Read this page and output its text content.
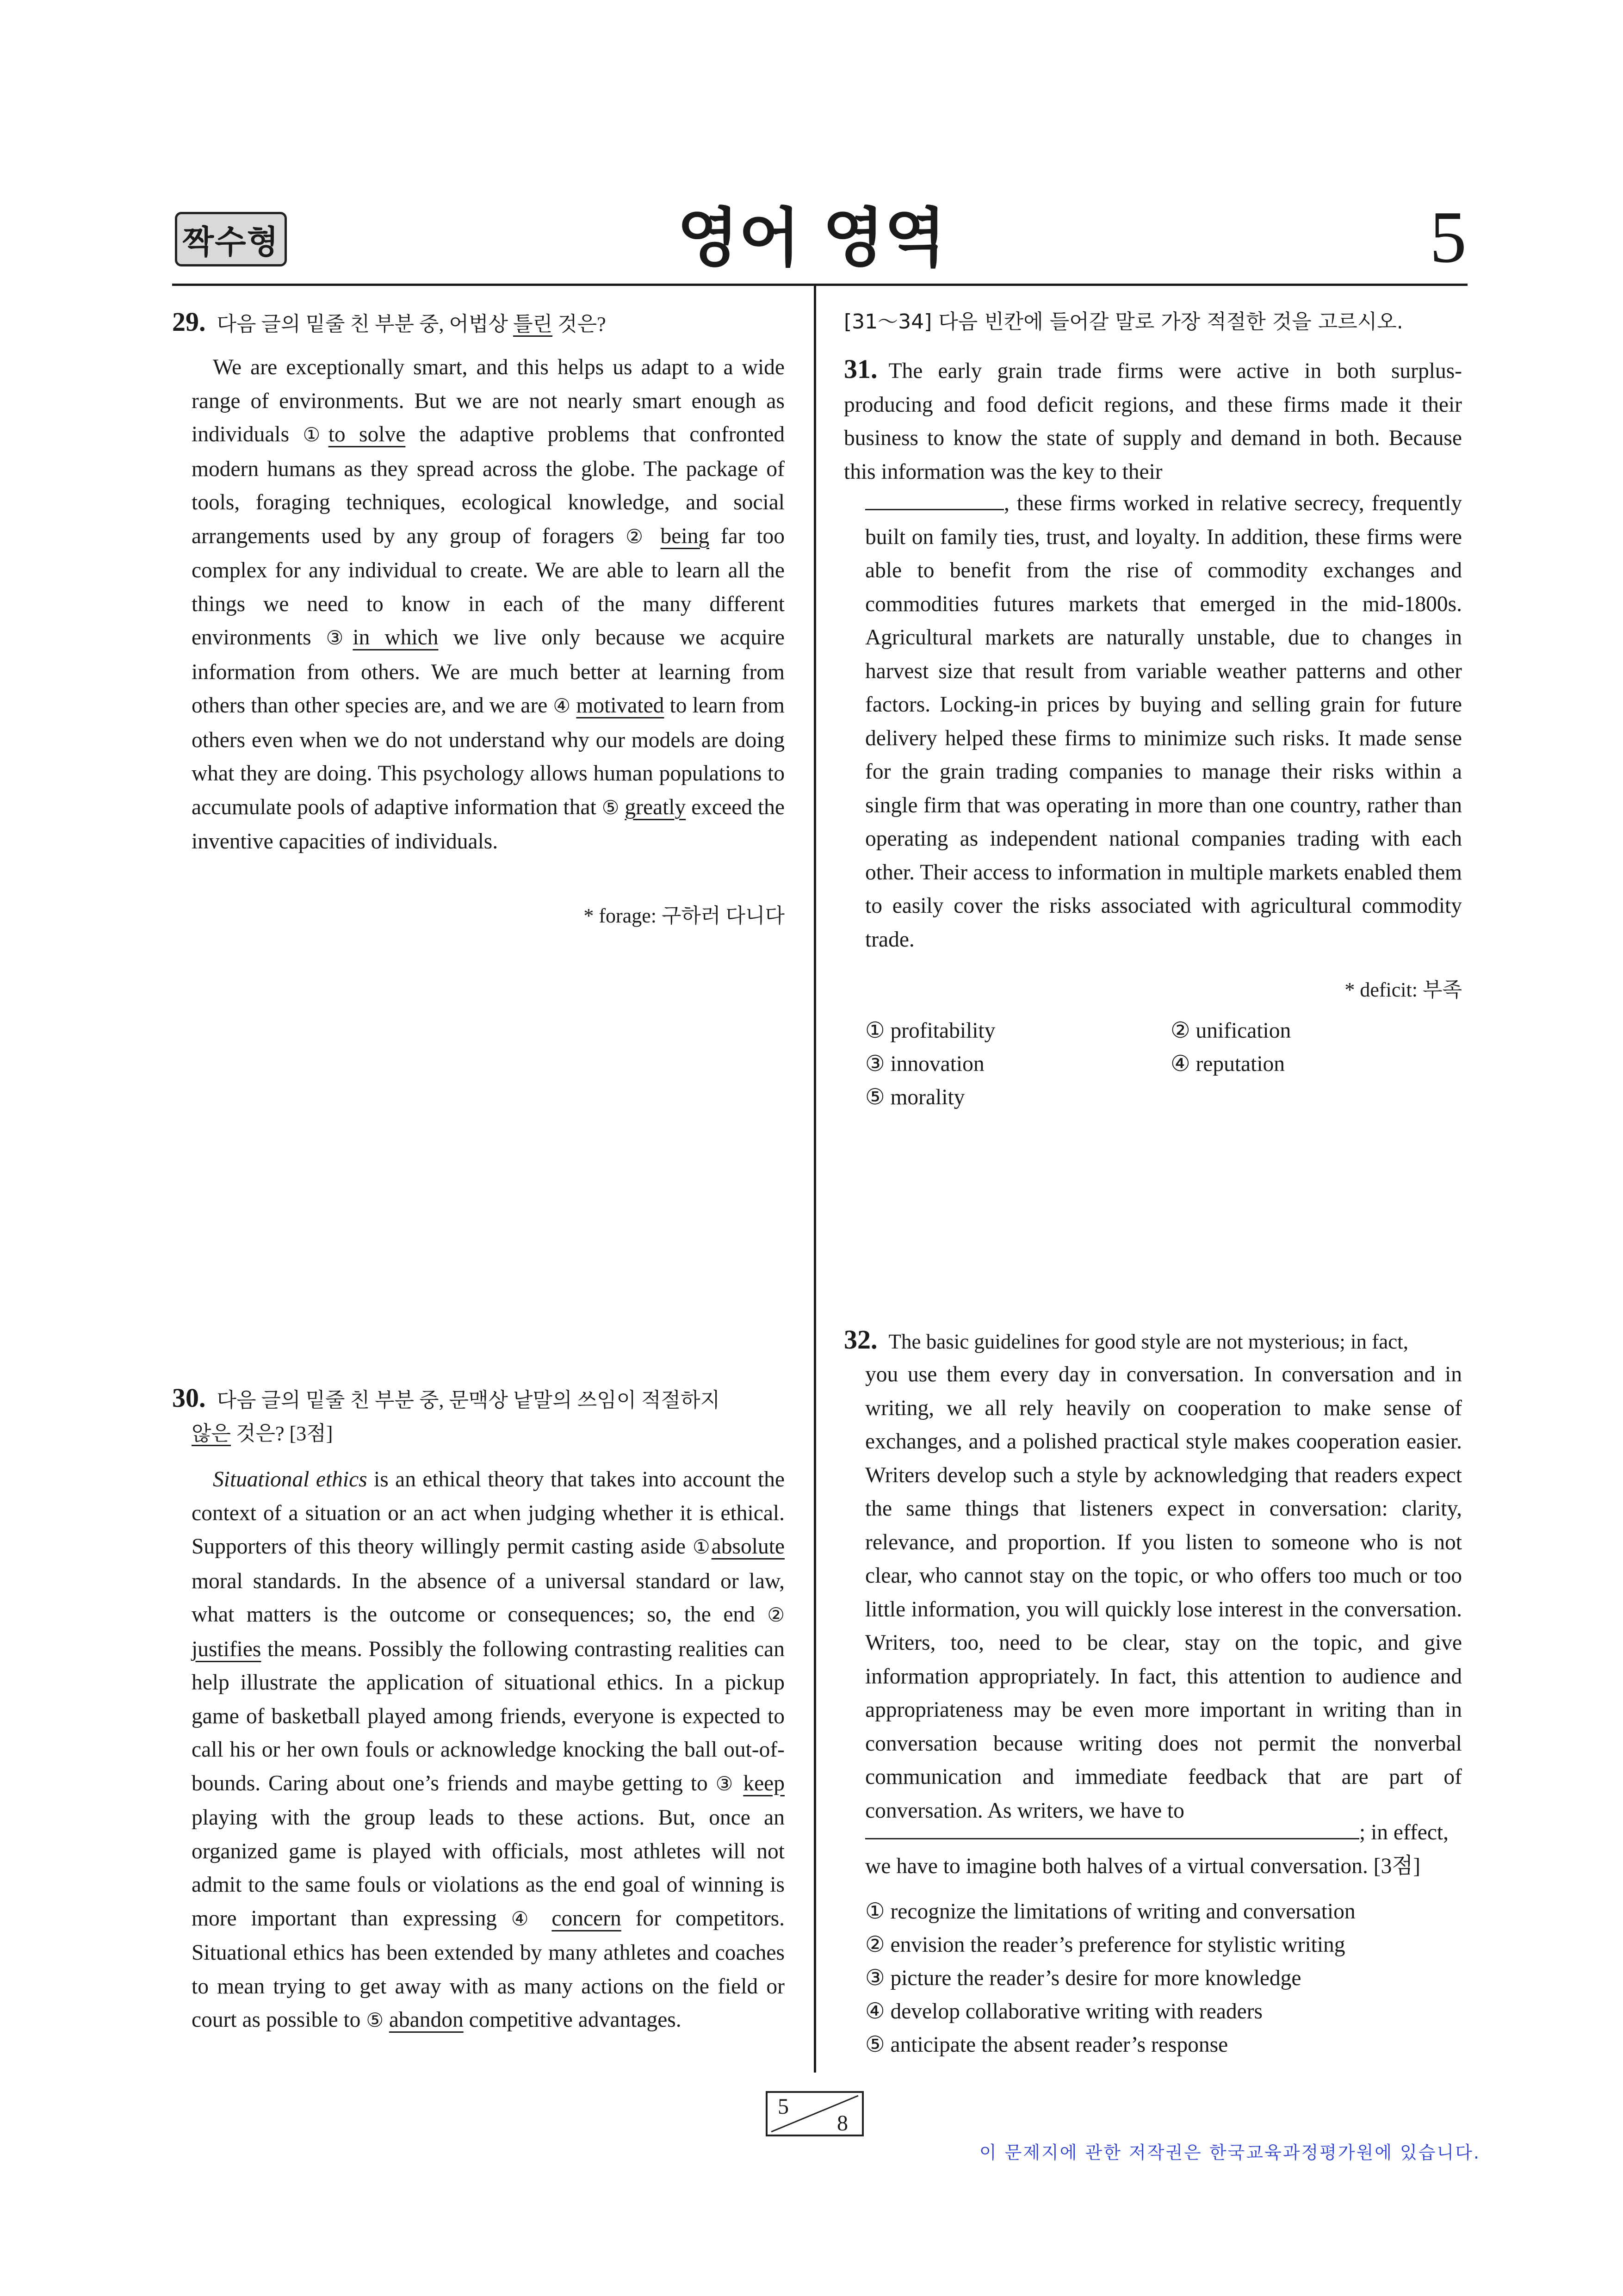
짝수형	영어 영역	5
29. 다음 글의 밑줄 친 부분 중, 어법상 틀린 것은?
We are exceptionally smart, and this helps us adapt to a wide range of environments. But we are not nearly smart enough as individuals ①to solve the adaptive problems that confronted modern humans as they spread across the globe. The package of tools, foraging techniques, ecological knowledge, and social arrangements used by any group of foragers ② being far too complex for any individual to create. We are able to learn all the things we need to know in each of the many different environments ③in which we live only because we acquire information from others. We are much better at learning from others than other species are, and we are ④ motivated to learn from others even when we do not understand why our models are doing what they are doing. This psychology allows human populations to accumulate pools of adaptive information that ⑤ greatly exceed the inventive capacities of individuals.
* forage: 구하러 다니다
30. 다음 글의 밑줄 친 부분 중, 문맥상 낱말의 쓰임이 적절하지
않은 것은? [3점]
Situational ethics is an ethical theory that takes into account the context of a situation or an act when judging whether it is ethical. Supporters of this theory willingly permit casting aside ①absolute moral standards. In the absence of a universal standard or law, what matters is the outcome or consequences; so, the end ② justifies the means. Possibly the following contrasting realities can help illustrate the application of situational ethics. In a pickup game of basketball played among friends, everyone is expected to call his or her own fouls or acknowledge knocking the ball out-of-bounds. Caring about one’s friends and maybe getting to ③ keep playing with the group leads to these actions. But, once an organized game is played with officials, most athletes will not admit to the same fouls or violations as the end goal of winning is more important than expressing ④ concern for competitors. Situational ethics has been extended by many athletes and coaches to mean trying to get away with as many actions on the field or court as possible to ⑤ abandon competitive advantages.
[31～34] 다음 빈칸에 들어갈 말로 가장 적절한 것을 고르시오.
31. The early grain trade firms were active in both surplus-producing and food deficit regions, and these firms made it their business to know the state of supply and demand in both. Because this information was the key to their
, these firms worked in relative secrecy, frequently built on family ties, trust, and loyalty. In addition, these firms were able to benefit from the rise of commodity exchanges and commodities futures markets that emerged in the mid-1800s. Agricultural markets are naturally unstable, due to changes in harvest size that result from variable weather patterns and other factors. Locking-in prices by buying and selling grain for future delivery helped these firms to minimize such risks. It made sense for the grain trading companies to manage their risks within a single firm that was operating in more than one country, rather than operating as independent national companies trading with each other. Their access to information in multiple markets enabled them to easily cover the risks associated with agricultural commodity trade.
* deficit: 부족
① profitability	② unification
③ innovation	④ reputation
⑤ morality
32. The basic guidelines for good style are not mysterious; in fact,
you use them every day in conversation. In conversation and in writing, we all rely heavily on cooperation to make sense of exchanges, and a polished practical style makes cooperation easier. Writers develop such a style by acknowledging that readers expect the same things that listeners expect in conversation: clarity, relevance, and proportion. If you listen to someone who is not clear, who cannot stay on the topic, or who offers too much or too little information, you will quickly lose interest in the conversation. Writers, too, need to be clear, stay on the topic, and give information appropriately. In fact, this attention to audience and appropriateness may be even more important in writing than in conversation because writing does not permit the nonverbal communication and immediate feedback that are part of conversation. As writers, we have to
; in effect,
we have to imagine both halves of a virtual conversation. [3점]
① recognize the limitations of writing and conversation
② envision the reader’s preference for stylistic writing
③ picture the reader’s desire for more knowledge
④ develop collaborative writing with readers
⑤ anticipate the absent reader’s response
5
8
이 문제지에 관한 저작권은 한국교육과정평가원에 있습니다.
